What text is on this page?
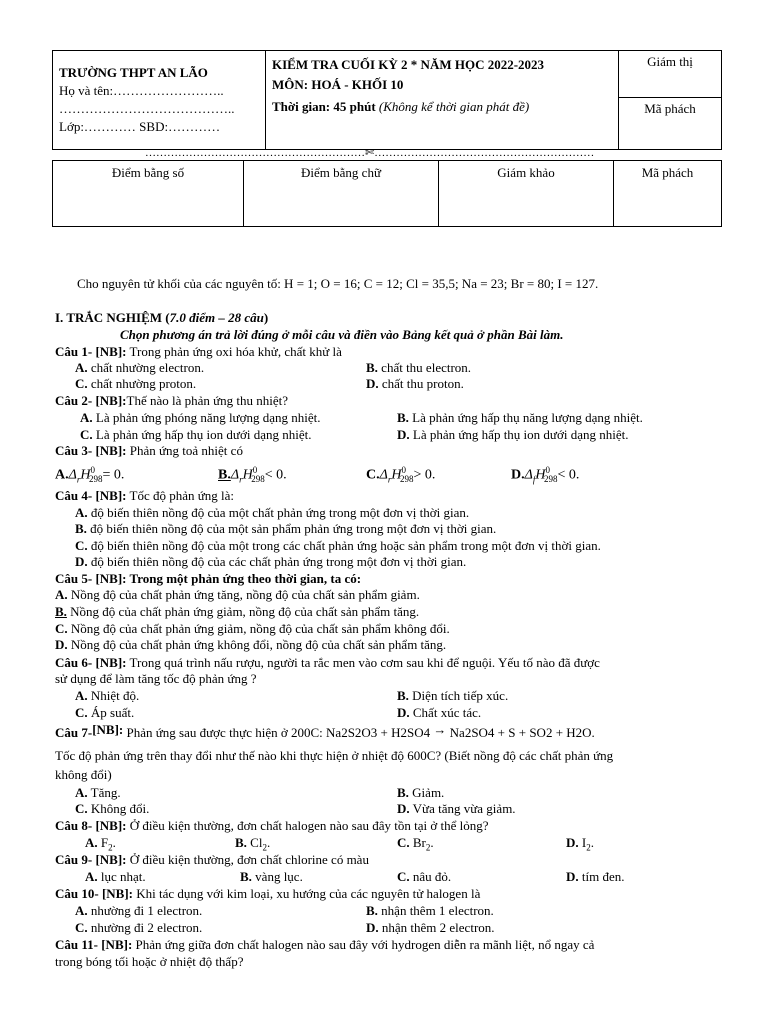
TRƯỜNG THPT AN LÃO
Họ và tên:……………………..
…………………………………..
Lớp:………… SBD:…………

KIỂM TRA CUỐI KỲ 2 * NĂM HỌC 2022-2023
MÔN: HOÁ - KHỐI 10
Thời gian: 45 phút (Không kể thời gian phát đề)

Giám thị
Mã phách
……………………………………………………✄……………………………………………………
Điểm bằng số	Điểm bằng chữ	Giám khảo	Mã phách
Cho nguyên tử khối của các nguyên tố: H = 1; O = 16; C = 12; Cl = 35,5; Na = 23; Br = 80; I = 127.
I. TRẮC NGHIỆM (7.0 điểm – 28 câu)
Chọn phương án trả lời đúng ở mỗi câu và điền vào Bảng kết quả ở phần Bài làm.
Câu 1- [NB]: Trong phản ứng oxi hóa khử, chất khử là
A. chất nhường electron.	B. chất thu electron.
C. chất nhường proton.	D. chất thu proton.
Câu 2- [NB]:Thế nào là phản ứng thu nhiệt?
A. Là phản ứng phóng năng lượng dạng nhiệt.	B. Là phản ứng hấp thụ năng lượng dạng nhiệt.
C. Là phản ứng hấp thụ ion dưới dạng nhiệt.	D. Là phản ứng hấp thụ ion dưới dạng nhiệt.
Câu 3- [NB]: Phản ứng toả nhiệt có
$A.\Delta_rH^0_{298}= 0$.	$B.\Delta_rH^0_{298}< 0$.	$C.\Delta_rH^0_{298}> 0$.	$D.\Delta_fH^0_{298}< 0$.
Câu 4- [NB]: Tốc độ phản ứng là:
A. độ biến thiên nồng độ của một chất phản ứng trong một đơn vị thời gian.
B. độ biến thiên nồng độ của một sản phẩm phản ứng trong một đơn vị thời gian.
C. độ biến thiên nồng độ của một trong các chất phản ứng hoặc sản phẩm trong một đơn vị thời gian.
D. độ biến thiên nồng độ của các chất phản ứng trong một đơn vị thời gian.
Câu 5- [NB]: Trong một phản ứng theo thời gian, ta có:
A. Nồng độ của chất phản ứng tăng, nồng độ của chất sản phẩm giảm.
B. Nồng độ của chất phản ứng giảm, nồng độ của chất sản phẩm tăng.
C. Nồng độ của chất phản ứng giảm, nồng độ của chất sản phẩm không đổi.
D. Nồng độ của chất phản ứng không đổi, nồng độ của chất sản phẩm tăng.
Câu 6- [NB]: Trong quá trình nấu rượu, người ta rắc men vào cơm sau khi để nguội. Yếu tố nào đã được
sử dụng để làm tăng tốc độ phản ứng ?
A. Nhiệt độ.	B. Diện tích tiếp xúc.
C. Áp suất.	D. Chất xúc tác.
Câu 7-[NB]: Phản ứng sau được thực hiện ở 200C: Na2S2O3 + H2SO4 → Na2SO4 + S + SO2 + H2O.
Tốc độ phản ứng trên thay đổi như thế nào khi thực hiện ở nhiệt độ 600C? (Biết nồng độ các chất phản ứng
không đổi)
A. Tăng.	B. Giảm.
C. Không đổi.	D. Vừa tăng vừa giảm.
Câu 8- [NB]: Ở điều kiện thường, đơn chất halogen nào sau đây tồn tại ở thể lỏng?
A. $F_2$.	B. $Cl_2$.	C. $Br_2$.	D. $I_2$.
Câu 9- [NB]: Ở điều kiện thường, đơn chất chlorine có màu
A. lục nhạt.	B. vàng lục.	C. nâu đỏ.	D. tím đen.
Câu 10- [NB]: Khi tác dụng với kim loại, xu hướng của các nguyên tử halogen là
A. nhường đi 1 electron.	B. nhận thêm 1 electron.
C. nhường đi 2 electron.	D. nhận thêm 2 electron.
Câu 11- [NB]: Phản ứng giữa đơn chất halogen nào sau đây với hydrogen diễn ra mãnh liệt, nổ ngay cả
trong bóng tối hoặc ở nhiệt độ thấp?
